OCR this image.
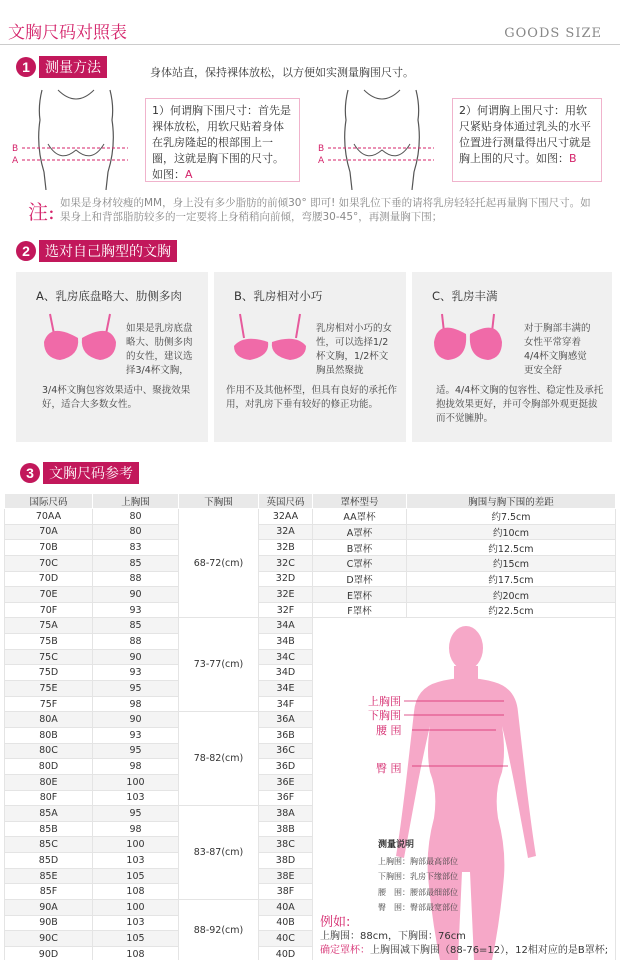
文胸尺码对照表	GOODS SIZE
1	测量方法	身体站直，保持裸体放松，以方便如实测量胸围尺寸。
B
A
1）何谓胸下围尺寸：首先是裸体放松，用软尺贴着身体在乳房隆起的根部围上一圈，这就是胸下围的尺寸。如图：A
B
A
2）何谓胸上围尺寸：用软尺紧贴身体通过乳头的水平位置进行测量得出尺寸就是胸上围的尺寸。如图：B
注: 如果是身材较瘦的MM，身上没有多少脂肪的前倾30° 即可! 如果乳位下垂的请将乳房轻轻托起再量胸下围尺寸。如果身上和背部脂肪较多的一定要将上身稍稍向前倾，弯腰30-45°，再测量胸下围；
2	选对自己胸型的文胸
A、乳房底盘略大、肋侧多肉
如果是乳房底盘略大、肋侧多肉的女性，建议选择3/4杯文胸，
3/4杯文胸包容效果适中、聚拢效果好，适合大多数女性。
B、乳房相对小巧
乳房相对小巧的女性，可以选择1/2杯文胸，1/2杯文胸虽然聚拢
作用不及其他杯型，但具有良好的承托作用，对乳房下垂有较好的修正功能。
C、乳房丰满
对于胸部丰满的女性平常穿着4/4杯文胸感觉更安全舒
适。4/4杯文胸的包容性、稳定性及承托抱拢效果更好，并可令胸部外观更挺拔而不觉臃肿。
3	文胸尺码参考
国际尺码	上胸围	下胸围	英国尺码	罩杯型号	胸围与胸下围的差距
70AA	80	68-72(cm)	32AA	AA罩杯	约7.5cm
70A	80		32A	A罩杯	约10cm
70B	83		32B	B罩杯	约12.5cm
70C	85		32C	C罩杯	约15cm
70D	88		32D	D罩杯	约17.5cm
70E	90		32E	E罩杯	约20cm
70F	93		32F	F罩杯	约22.5cm
75A	85	73-77(cm)	34A		
75B	88		34B		
75C	90		34C		
75D	93		34D		
75E	95		34E		
75F	98		34F		
80A	90	78-82(cm)	36A		
80B	93		36B		
80C	95		36C		
80D	98		36D		
80E	100		36E		
80F	103		36F		
85A	95	83-87(cm)	38A		
85B	98		38B		
85C	100		38C		
85D	103		38D		
85E	105		38E		
85F	108		38F		
90A	100	88-92(cm)	40A		
90B	103		40B		
90C	105		40C		
90D	108		40D		
上胸围
下胸围
腰 围
臀 围
测量说明
上胸围：胸部最高部位
下胸围：乳房下缘部位
腰　围：腰部最细部位
臀　围：臀部最宽部位
例如:
上胸围：88cm，下胸围：76cm
确定罩杯：上胸围减下胸围（88-76=12），12相对应的是B罩杯;
